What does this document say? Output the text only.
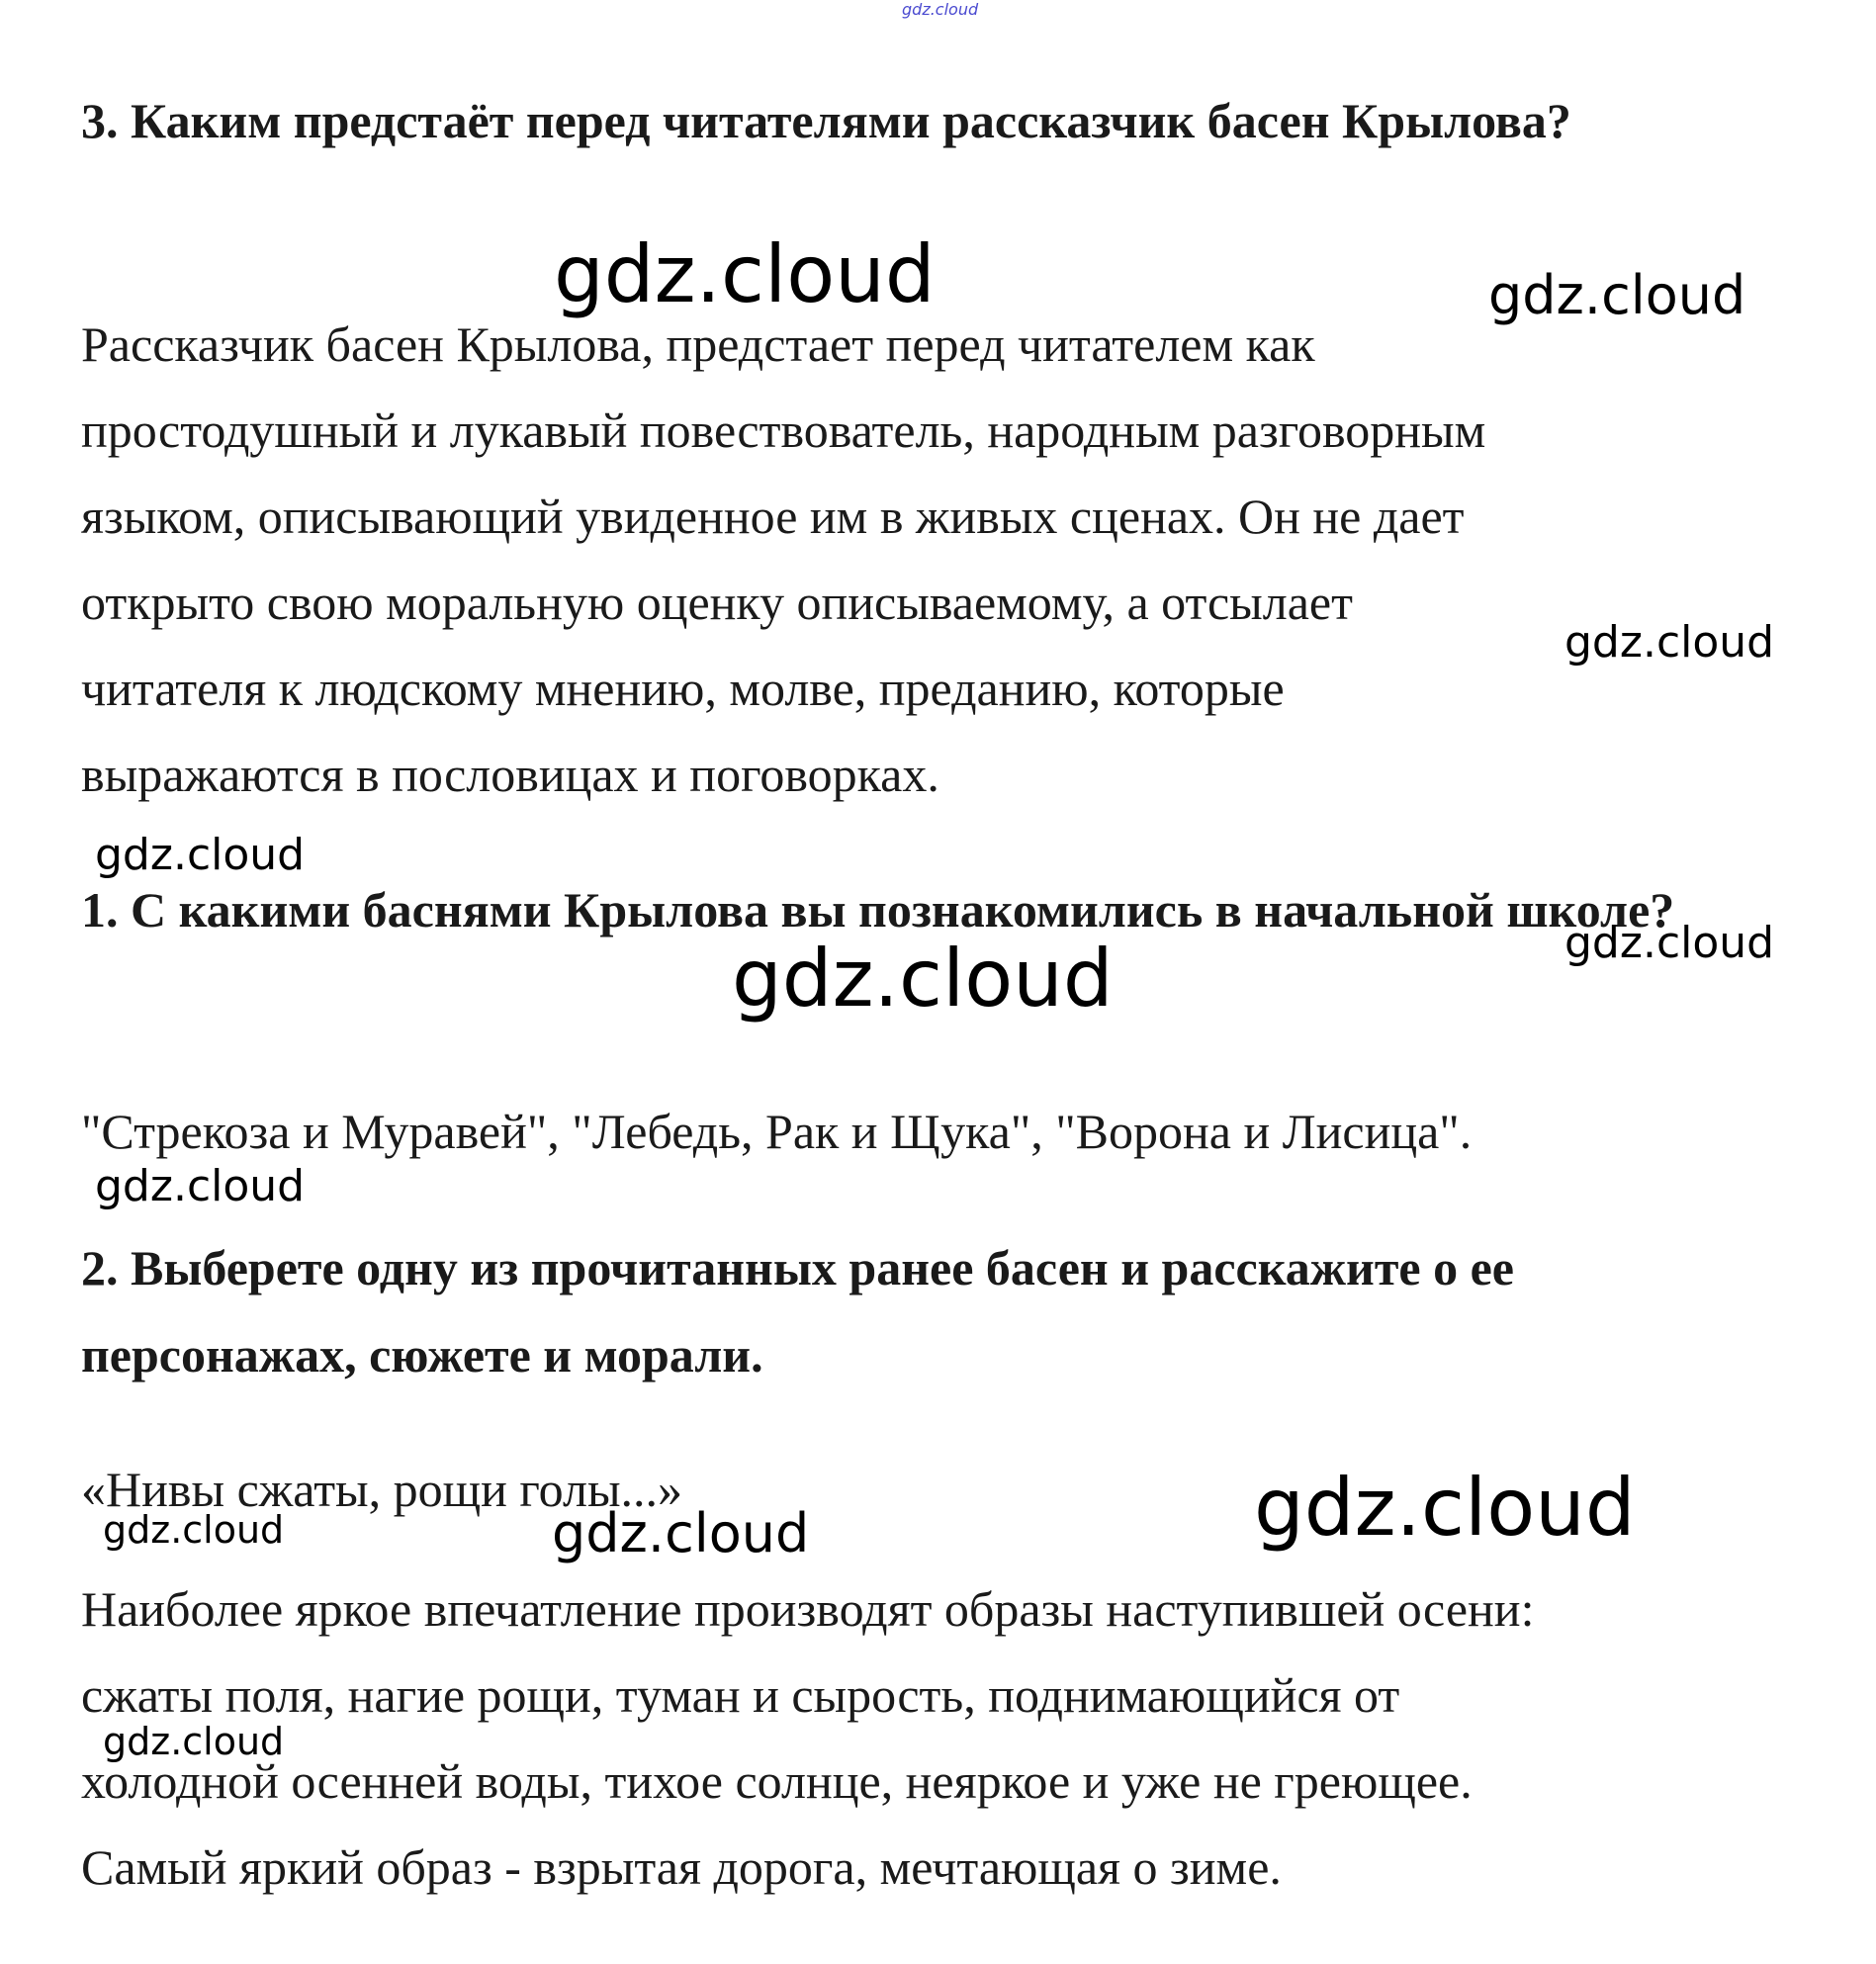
gdz.cloud

3. Каким предстаёт перед читателями рассказчик басен Крылова?

Рассказчик басен Крылова, предстает перед читателем как
простодушный и лукавый повествователь, народным разговорным
языком, описывающий увиденное им в живых сценах. Он не дает
открыто свою моральную оценку описываемому, а отсылает
читателя к людскому мнению, молве, преданию, которые
выражаются в пословицах и поговорках.

1. С какими баснями Крылова вы познакомились в начальной школе?

"Стрекоза и Муравей", "Лебедь, Рак и Щука", "Ворона и Лисица".

2. Выберете одну из прочитанных ранее басен и расскажите о ее персонажах, сюжете и морали.

«Нивы сжаты, рощи голы...»
Наиболее яркое впечатление производят образы наступившей осени:
сжаты поля, нагие рощи, туман и сырость, поднимающийся от
холодной осенней воды, тихое солнце, неяркое и уже не греющее.
Самый яркий образ - взрытая дорога, мечтающая о зиме.
gdz.cloud	gdz.cloud
gdz.cloud
gdz.cloud
gdz.cloud
gdz.cloud
gdz.cloud
gdz.cloud
gdz.cloud	gdz.cloud
gdz.cloud
